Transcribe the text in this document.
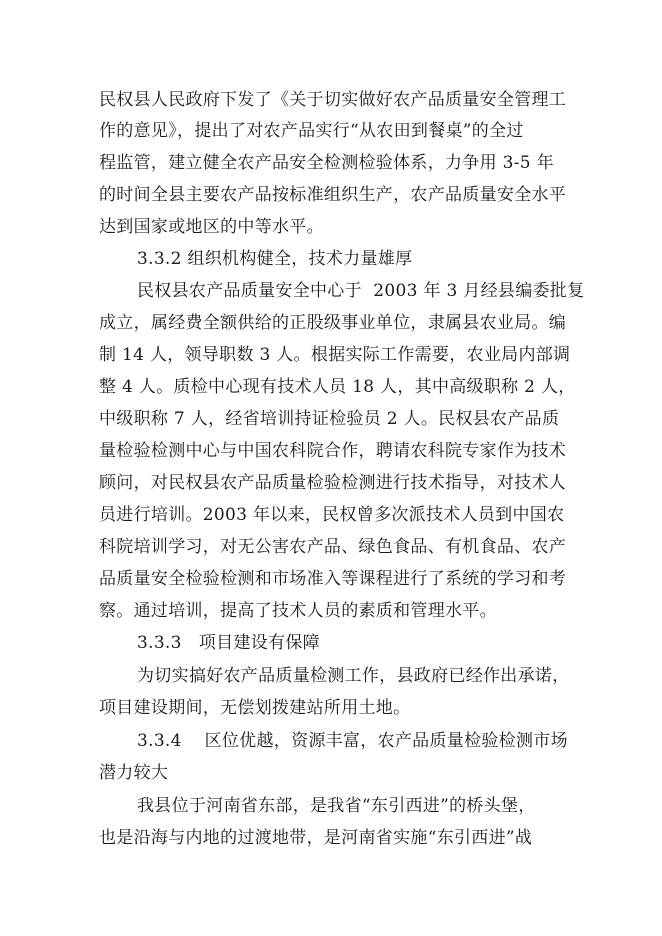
民权县人民政府下发了《关于切实做好农产品质量安全管理工
作的意见》，提出了对农产品实行“从农田到餐桌”的全过
程监管，建立健全农产品安全检测检验体系，力争用 3-5 年
的时间全县主要农产品按标准组织生产，农产品质量安全水平
达到国家或地区的中等水平。
3.3.2 组织机构健全，技术力量雄厚
民权县农产品质量安全中心于  2003 年 3 月经县编委批复
成立，属经费全额供给的正股级事业单位，隶属县农业局。编
制 14 人，领导职数 3 人。根据实际工作需要，农业局内部调
整 4 人。质检中心现有技术人员 18 人，其中高级职称 2 人，
中级职称 7 人，经省培训持证检验员 2 人。民权县农产品质
量检验检测中心与中国农科院合作，聘请农科院专家作为技术
顾问，对民权县农产品质量检验检测进行技术指导，对技术人
员进行培训。2003 年以来，民权曾多次派技术人员到中国农
科院培训学习，对无公害农产品、绿色食品、有机食品、农产
品质量安全检验检测和市场准入等课程进行了系统的学习和考
察。通过培训，提高了技术人员的素质和管理水平。
3.3.3   项目建设有保障
为切实搞好农产品质量检测工作，县政府已经作出承诺，
项目建设期间，无偿划拨建站所用土地。
3.3.4    区位优越，资源丰富，农产品质量检验检测市场
潜力较大
我县位于河南省东部，是我省“东引西进”的桥头堡，
也是沿海与内地的过渡地带，是河南省实施“东引西进”战
